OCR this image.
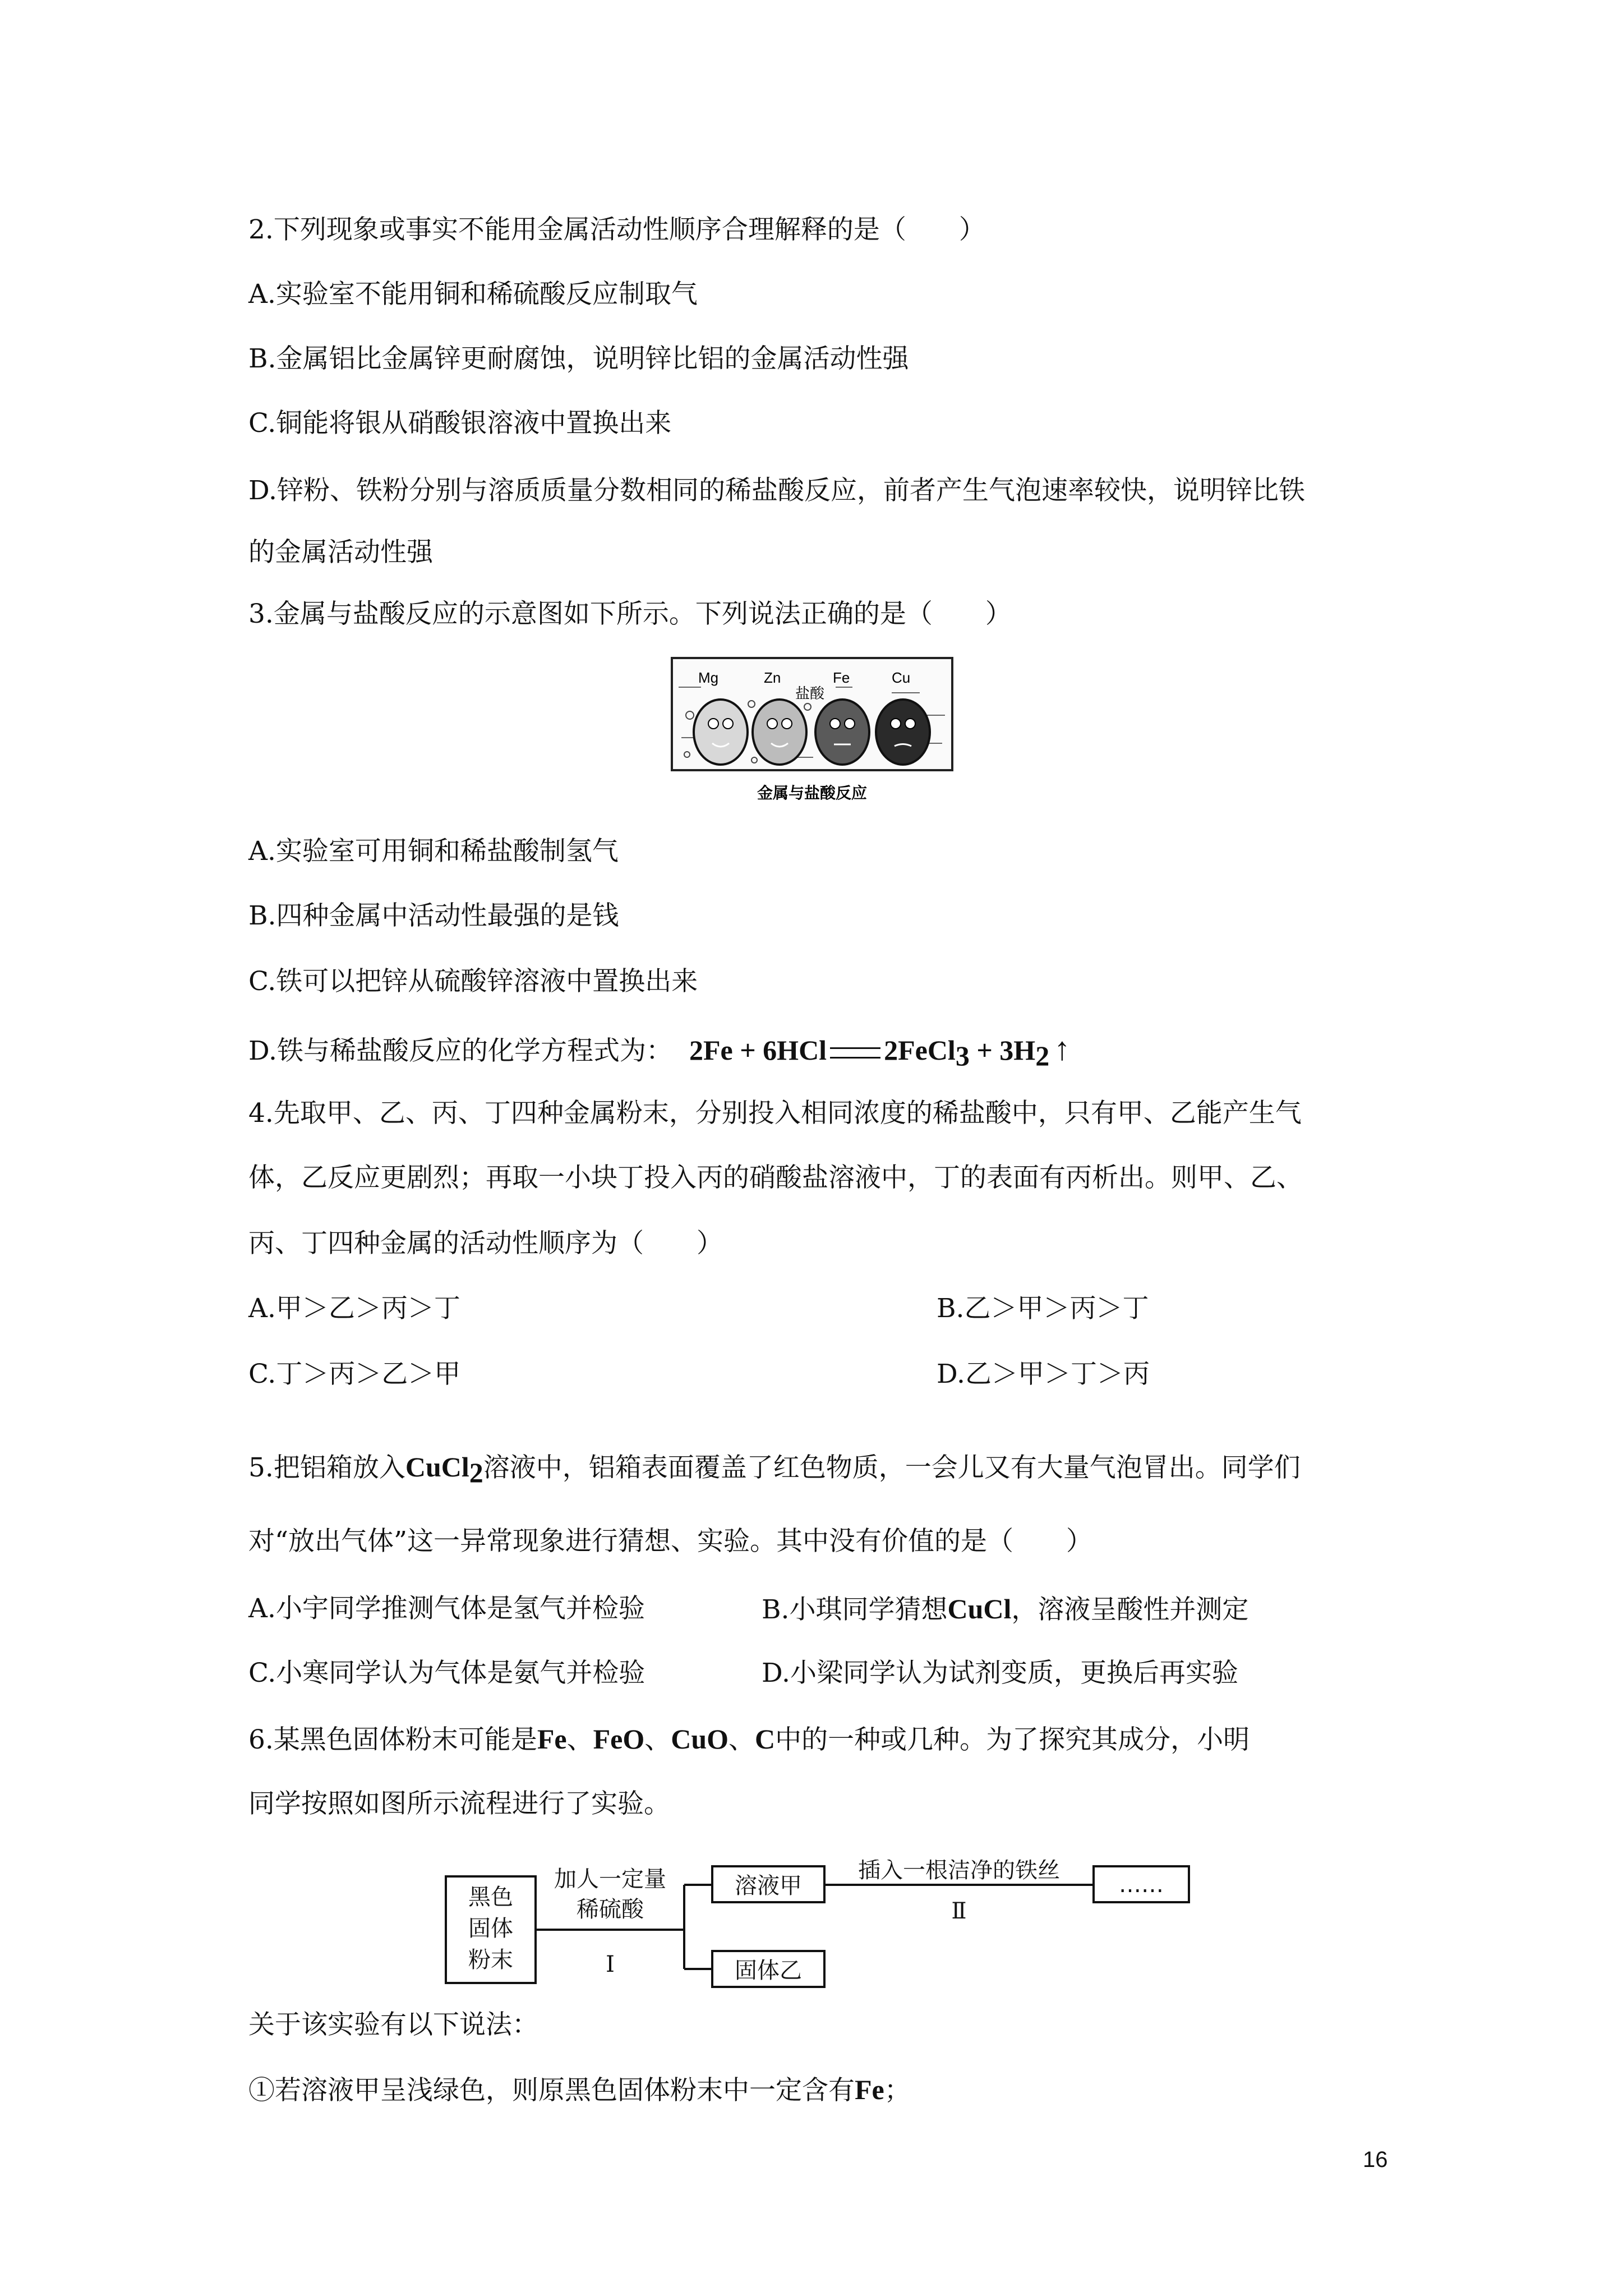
2.下列现象或事实不能用金属活动性顺序合理解释的是（　　）
A.实验室不能用铜和稀硫酸反应制取气
B.金属铝比金属锌更耐腐蚀，说明锌比铝的金属活动性强
C.铜能将银从硝酸银溶液中置换出来
D.锌粉、铁粉分别与溶质质量分数相同的稀盐酸反应，前者产生气泡速率较快，说明锌比铁
的金属活动性强
3.金属与盐酸反应的示意图如下所示。下列说法正确的是（　　）
Mg	Zn	Fe	Cu
盐酸
金属与盐酸反应
A.实验室可用铜和稀盐酸制氢气
B.四种金属中活动性最强的是钱
C.铁可以把锌从硫酸锌溶液中置换出来
D.铁与稀盐酸反应的化学方程式为： 2Fe + 6HCl 2FeCl$_3$ + $3H_2$ ↑
4.先取甲、乙、丙、丁四种金属粉末，分别投入相同浓度的稀盐酸中，只有甲、乙能产生气
体，乙反应更剧烈；再取一小块丁投入丙的硝酸盐溶液中，丁的表面有丙析出。则甲、乙、
丙、丁四种金属的活动性顺序为（　　）
A.甲＞乙＞丙＞丁	B.乙＞甲＞丙＞丁
C.丁＞丙＞乙＞甲	D.乙＞甲＞丁＞丙
5.把铝箱放入CuCl$_2$溶液中，铝箱表面覆盖了红色物质，一会儿又有大量气泡冒出。同学们
对“放出气体”这一异常现象进行猜想、实验。其中没有价值的是（　　）
A.小宇同学推测气体是氢气并检验	B.小琪同学猜想CuCl，溶液呈酸性并测定
C.小寒同学认为气体是氨气并检验	D.小梁同学认为试剂变质，更换后再实验
6.某黑色固体粉末可能是Fe、FeO、CuO、C中的一种或几种。为了探究其成分，小明
同学按照如图所示流程进行了实验。
黑色
固体
粉末
加人一定量
稀硫酸
I
溶液甲
固体乙
插入一根洁净的铁丝
Ⅱ
……
关于该实验有以下说法：
①若溶液甲呈浅绿色，则原黑色固体粉末中一定含有Fe；
16
